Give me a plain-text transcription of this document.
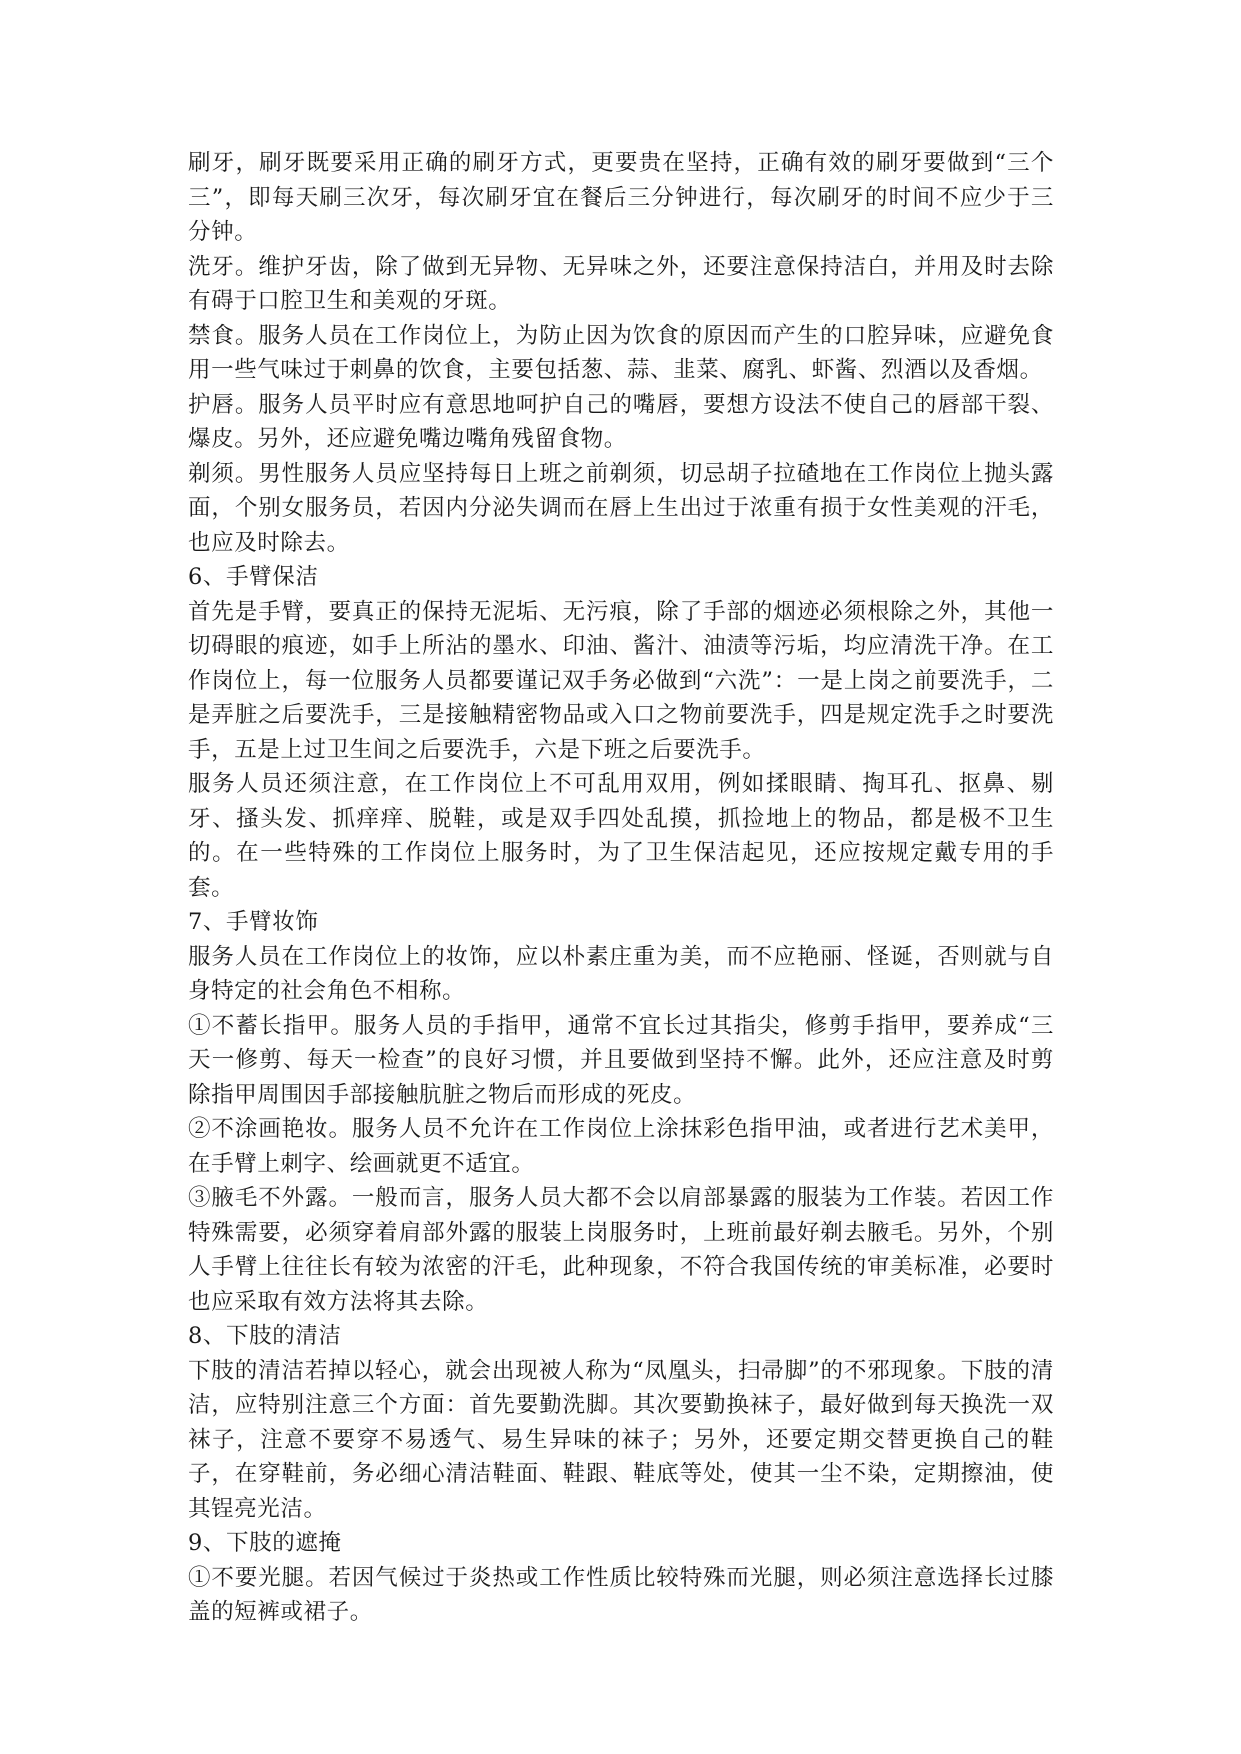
刷牙，刷牙既要采用正确的刷牙方式，更要贵在坚持，正确有效的刷牙要做到“三个三”，即每天刷三次牙，每次刷牙宜在餐后三分钟进行，每次刷牙的时间不应少于三分钟。

洗牙。维护牙齿，除了做到无异物、无异味之外，还要注意保持洁白，并用及时去除有碍于口腔卫生和美观的牙斑。

禁食。服务人员在工作岗位上，为防止因为饮食的原因而产生的口腔异味，应避免食用一些气味过于刺鼻的饮食，主要包括葱、蒜、韭菜、腐乳、虾酱、烈酒以及香烟。

护唇。服务人员平时应有意思地呵护自己的嘴唇，要想方设法不使自己的唇部干裂、爆皮。另外，还应避免嘴边嘴角残留食物。

剃须。男性服务人员应坚持每日上班之前剃须，切忌胡子拉碴地在工作岗位上抛头露面，个别女服务员，若因内分泌失调而在唇上生出过于浓重有损于女性美观的汗毛，也应及时除去。

6、手臂保洁

首先是手臂，要真正的保持无泥垢、无污痕，除了手部的烟迹必须根除之外，其他一切碍眼的痕迹，如手上所沾的墨水、印油、酱汁、油渍等污垢，均应清洗干净。在工作岗位上，每一位服务人员都要谨记双手务必做到“六洗”：一是上岗之前要洗手，二是弄脏之后要洗手，三是接触精密物品或入口之物前要洗手，四是规定洗手之时要洗手，五是上过卫生间之后要洗手，六是下班之后要洗手。

服务人员还须注意，在工作岗位上不可乱用双用，例如揉眼睛、掏耳孔、抠鼻、剔牙、搔头发、抓痒痒、脱鞋，或是双手四处乱摸，抓捡地上的物品，都是极不卫生的。在一些特殊的工作岗位上服务时，为了卫生保洁起见，还应按规定戴专用的手套。

7、手臂妆饰

服务人员在工作岗位上的妆饰，应以朴素庄重为美，而不应艳丽、怪诞，否则就与自身特定的社会角色不相称。

①不蓄长指甲。服务人员的手指甲，通常不宜长过其指尖，修剪手指甲，要养成“三天一修剪、每天一检查”的良好习惯，并且要做到坚持不懈。此外，还应注意及时剪除指甲周围因手部接触肮脏之物后而形成的死皮。

②不涂画艳妆。服务人员不允许在工作岗位上涂抹彩色指甲油，或者进行艺术美甲，在手臂上刺字、绘画就更不适宜。

③腋毛不外露。一般而言，服务人员大都不会以肩部暴露的服装为工作装。若因工作特殊需要，必须穿着肩部外露的服装上岗服务时，上班前最好剃去腋毛。另外，个别人手臂上往往长有较为浓密的汗毛，此种现象，不符合我国传统的审美标准，必要时也应采取有效方法将其去除。

8、下肢的清洁

下肢的清洁若掉以轻心，就会出现被人称为“凤凰头，扫帚脚”的不邪现象。下肢的清洁，应特别注意三个方面：首先要勤洗脚。其次要勤换袜子，最好做到每天换洗一双袜子，注意不要穿不易透气、易生异味的袜子；另外，还要定期交替更换自己的鞋子，在穿鞋前，务必细心清洁鞋面、鞋跟、鞋底等处，使其一尘不染，定期擦油，使其锃亮光洁。

9、下肢的遮掩

①不要光腿。若因气候过于炎热或工作性质比较特殊而光腿，则必须注意选择长过膝盖的短裤或裙子。
